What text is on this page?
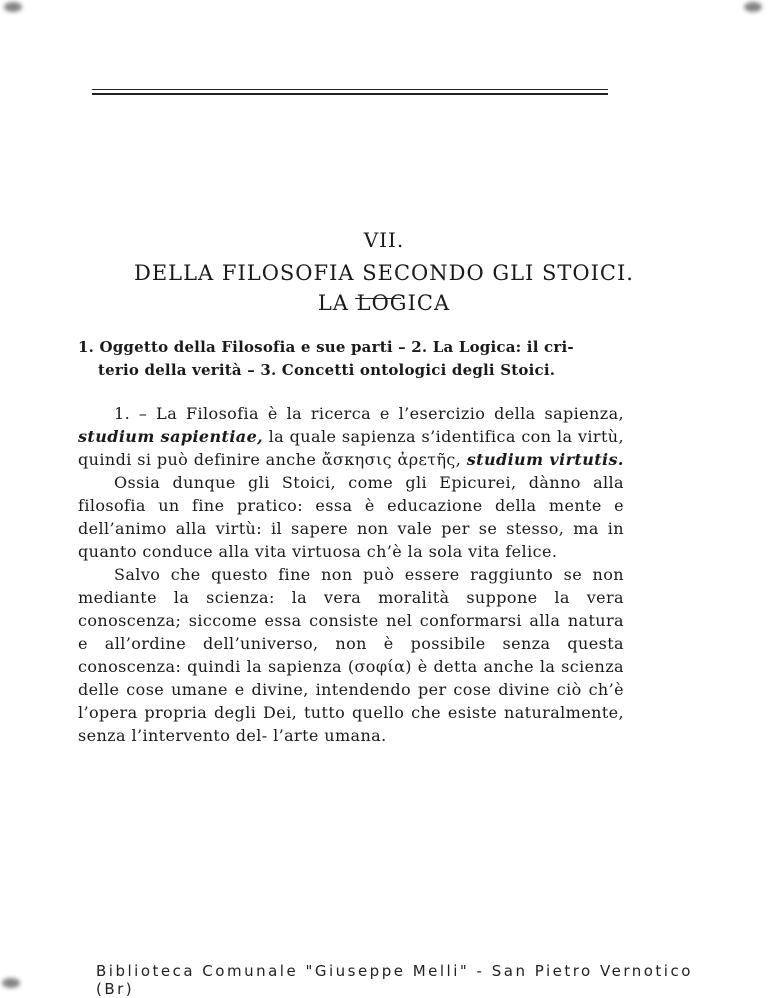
VII.
DELLA FILOSOFIA SECONDO GLI STOICI.
LA LOGICA
1. Oggetto della Filosofia e sue parti – 2. La Logica: il cri-
terio della verità – 3. Concetti ontologici degli Stoici.

1. – La Filosofia è la ricerca e l’esercizio della sapienza, studium sapientiae, la quale sapienza s’identifica con la virtù, quindi si può definire anche ἄσκησις ἀρετῆς, studium virtutis.

Ossia dunque gli Stoici, come gli Epicurei, dànno alla filosofia un fine pratico: essa è educazione della mente e dell’animo alla virtù: il sapere non vale per se stesso, ma in quanto conduce alla vita virtuosa ch’è la sola vita felice.

Salvo che questo fine non può essere raggiunto se non mediante la scienza: la vera moralità suppone la vera conoscenza; siccome essa consiste nel conformarsi alla natura e all’ordine dell’universo, non è possibile senza questa conoscenza: quindi la sapienza (σοφία) è detta anche la scienza delle cose umane e divine, intendendo per cose divine ciò ch’è l’opera propria degli Dei, tutto quello che esiste naturalmente, senza l’intervento del- l’arte umana.

Biblioteca Comunale "Giuseppe Melli" - San Pietro Vernotico (Br)
